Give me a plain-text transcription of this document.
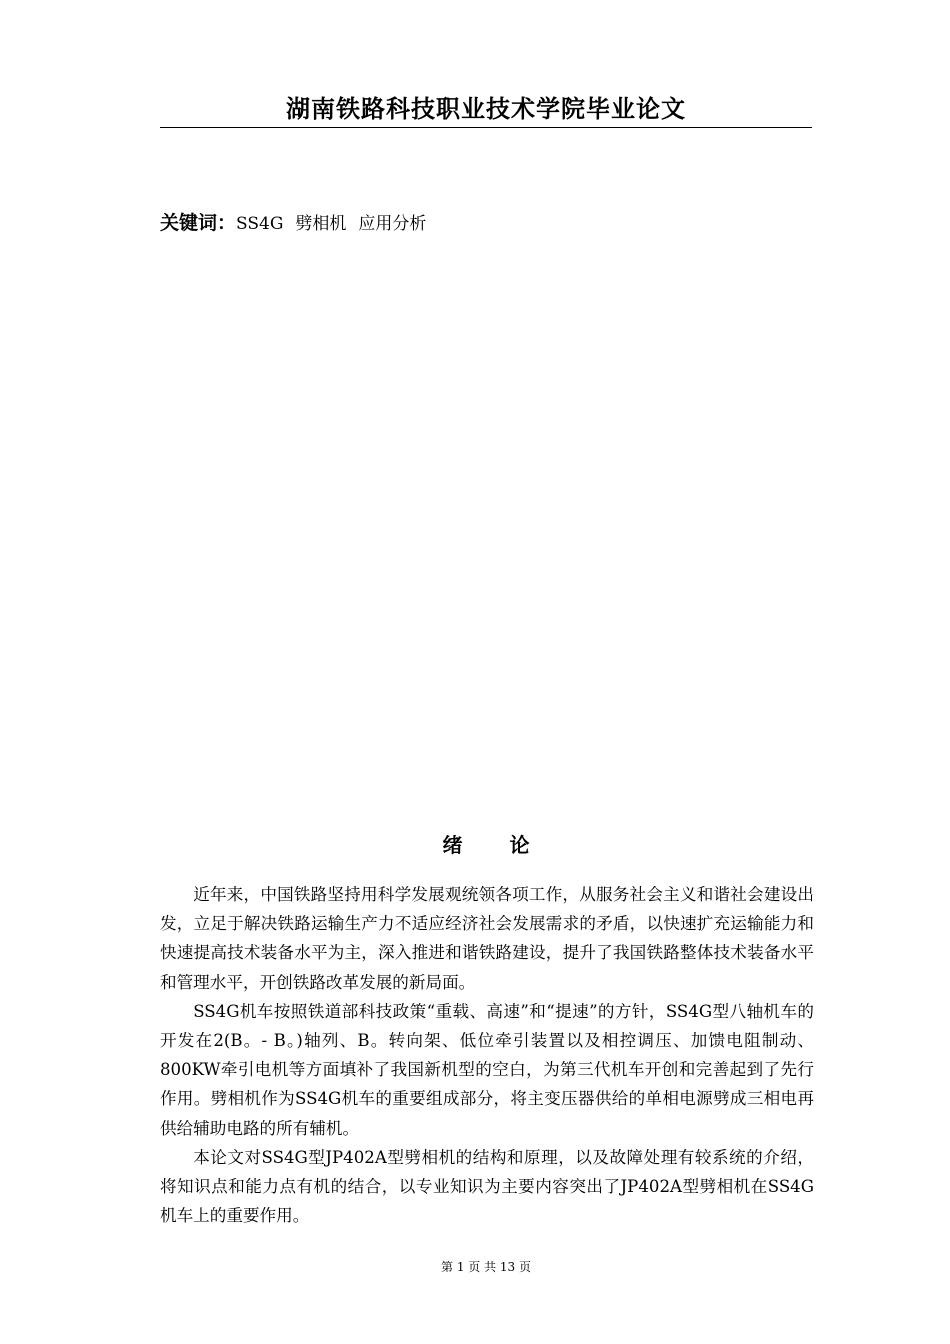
湖南铁路科技职业技术学院毕业论文
关键词：SS4G 劈相机 应用分析
绪 论

近年来，中国铁路坚持用科学发展观统领各项工作，从服务社会主义和谐社会建设出发，立足于解决铁路运输生产力不适应经济社会发展需求的矛盾，以快速扩充运输能力和快速提高技术装备水平为主，深入推进和谐铁路建设，提升了我国铁路整体技术装备水平和管理水平，开创铁路改革发展的新局面。

SS4G机车按照铁道部科技政策“重载、高速”和“提速”的方针，SS4G型八轴机车的开发在2(B。- B。)轴列、B。转向架、低位牵引装置以及相控调压、加馈电阻制动、800KW牵引电机等方面填补了我国新机型的空白，为第三代机车开创和完善起到了先行作用。劈相机作为SS4G机车的重要组成部分，将主变压器供给的单相电源劈成三相电再供给辅助电路的所有辅机。

本论文对SS4G型JP402A型劈相机的结构和原理，以及故障处理有较系统的介绍，将知识点和能力点有机的结合，以专业知识为主要内容突出了JP402A型劈相机在SS4G机车上的重要作用。

第 1 页 共 13 页
